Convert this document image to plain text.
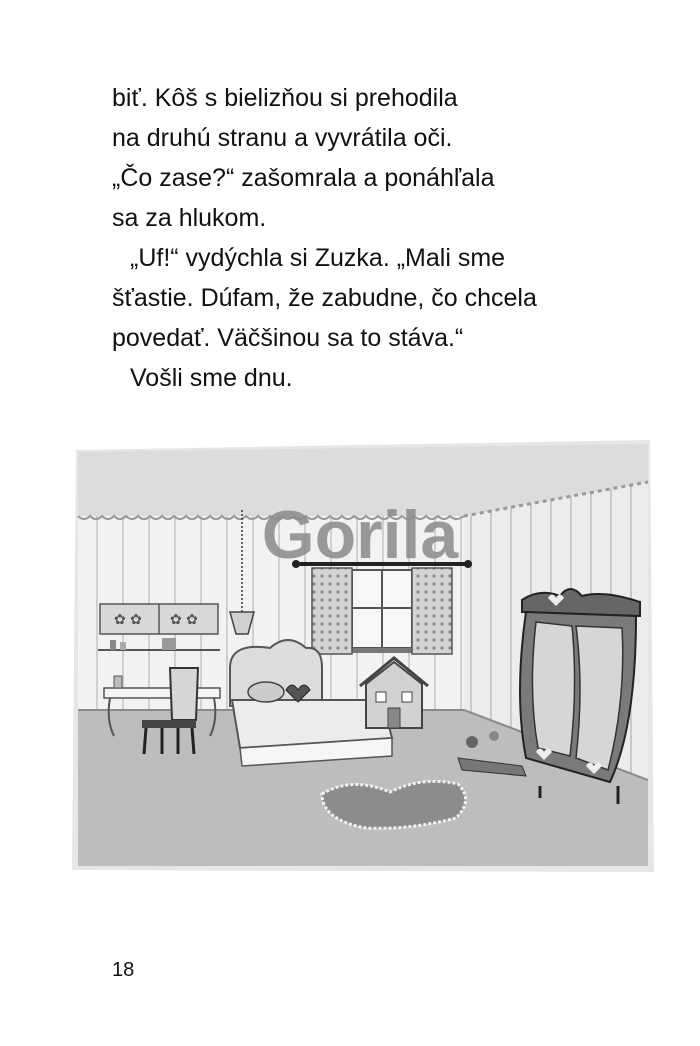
biť. Kôš s bielizňou si prehodila
na druhú stranu a vyvrátila oči.
„Čo zase?“ zašomrala a ponáhľala
sa za hlukom.
„Uf!“ vydýchla si Zuzka. „Mali sme
šťastie. Dúfam, že zabudne, čo chcela
povedať. Väčšinou sa to stáva.“
Vošli sme dnu.
✿ ✿ ✿ ✿
Gorila
18
